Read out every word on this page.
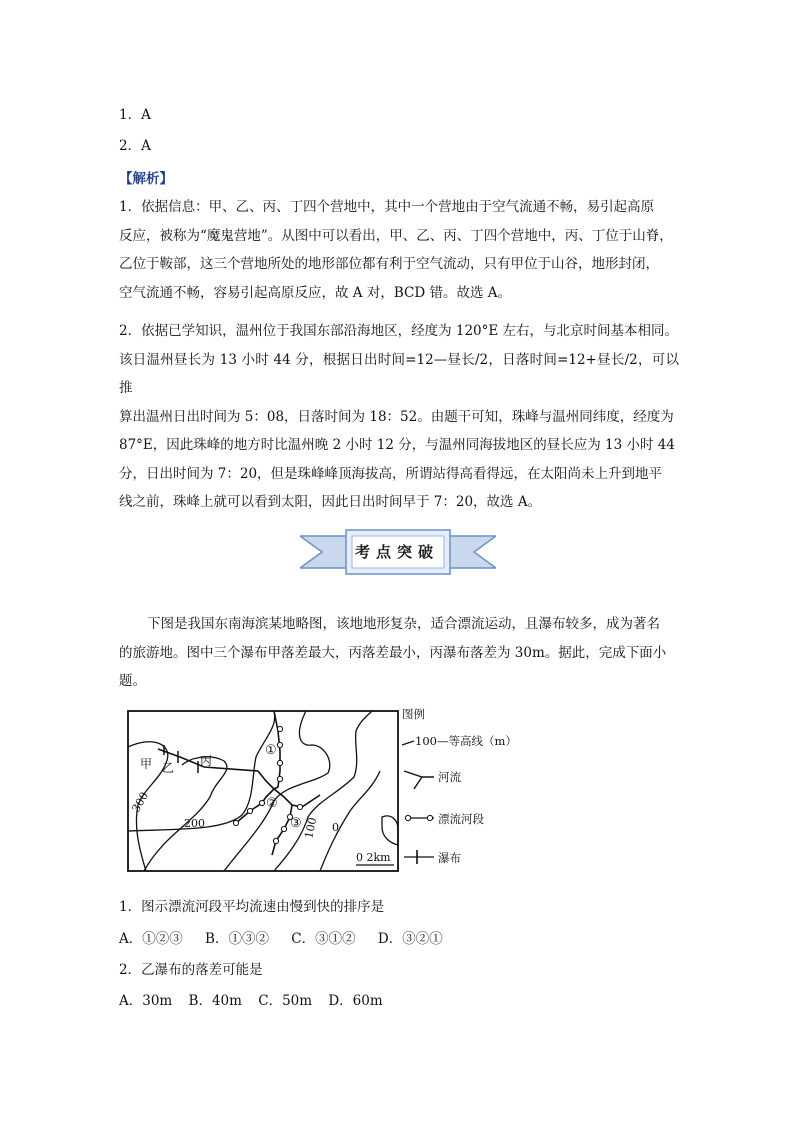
1．A
2．A
【解析】
1．依据信息：甲、乙、丙、丁四个营地中，其中一个营地由于空气流通不畅，易引起高原
反应，被称为“魔鬼营地”。从图中可以看出，甲、乙、丙、丁四个营地中，丙、丁位于山脊，
乙位于鞍部，这三个营地所处的地形部位都有利于空气流动，只有甲位于山谷，地形封闭，
空气流通不畅，容易引起高原反应，故 A 对，BCD 错。故选 A。
2．依据已学知识，温州位于我国东部沿海地区，经度为 120°E 左右，与北京时间基本相同。
该日温州昼长为 13 小时 44 分，根据日出时间=12—昼长/2，日落时间=12+昼长/2，可以推
算出温州日出时间为 5：08，日落时间为 18：52。由题干可知，珠峰与温州同纬度，经度为
87°E，因此珠峰的地方时比温州晚 2 小时 12 分，与温州同海拔地区的昼长应为 13 小时 44
分，日出时间为 7：20，但是珠峰峰顶海拔高，所谓站得高看得远，在太阳尚未上升到地平
线之前，珠峰上就可以看到太阳，因此日出时间早于 7：20，故选 A。
考点突破
下图是我国东南海滨某地略图，该地地形复杂，适合漂流运动，且瀑布较多，成为著名
的旅游地。图中三个瀑布甲落差最大，丙落差最小，丙瀑布落差为 30m。据此，完成下面小
题。
甲 乙 丙
300
200	100 0
①
②
③
0 2km
图例
100—等高线（m）
河流
漂流河段
瀑布
1．图示漂流河段平均流速由慢到快的排序是
A．①②③ B．①③② C．③①② D．③②①
2．乙瀑布的落差可能是
A．30m B．40m C．50m D．60m
